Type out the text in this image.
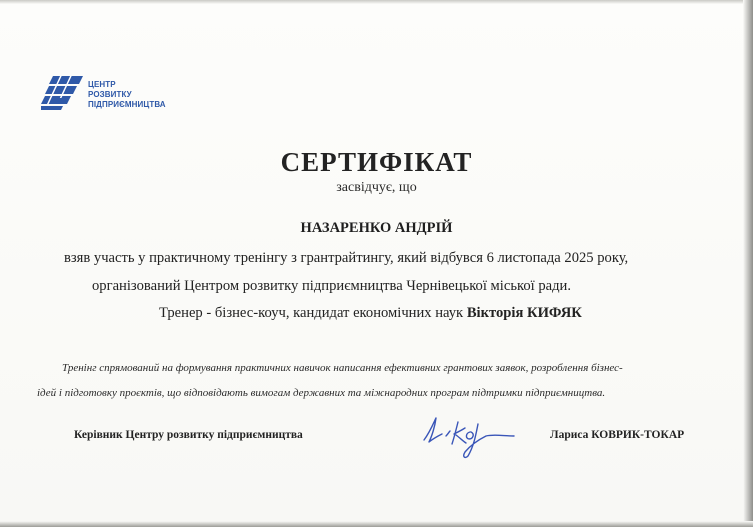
ЦЕНТР
РОЗВИТКУ
ПІДПРИЄМНИЦТВА
СЕРТИФІКАТ
засвідчує, що
НАЗАРЕНКО АНДРІЙ
взяв участь у практичному тренінгу з грантрайтингу, який відбувся 6 листопада 2025 року,
організований Центром розвитку підприємництва Чернівецької міської ради.
Тренер - бізнес-коуч, кандидат економічних наук Вікторія КИФЯК
Тренінг спрямований на формування практичних навичок написання ефективних грантових заявок, розроблення бізнес-
ідей і підготовку проєктів, що відповідають вимогам державних та міжнародних програм підтримки підприємництва.
Керівник Центру розвитку підприємництва	Лариса КОВРИК-ТОКАР
